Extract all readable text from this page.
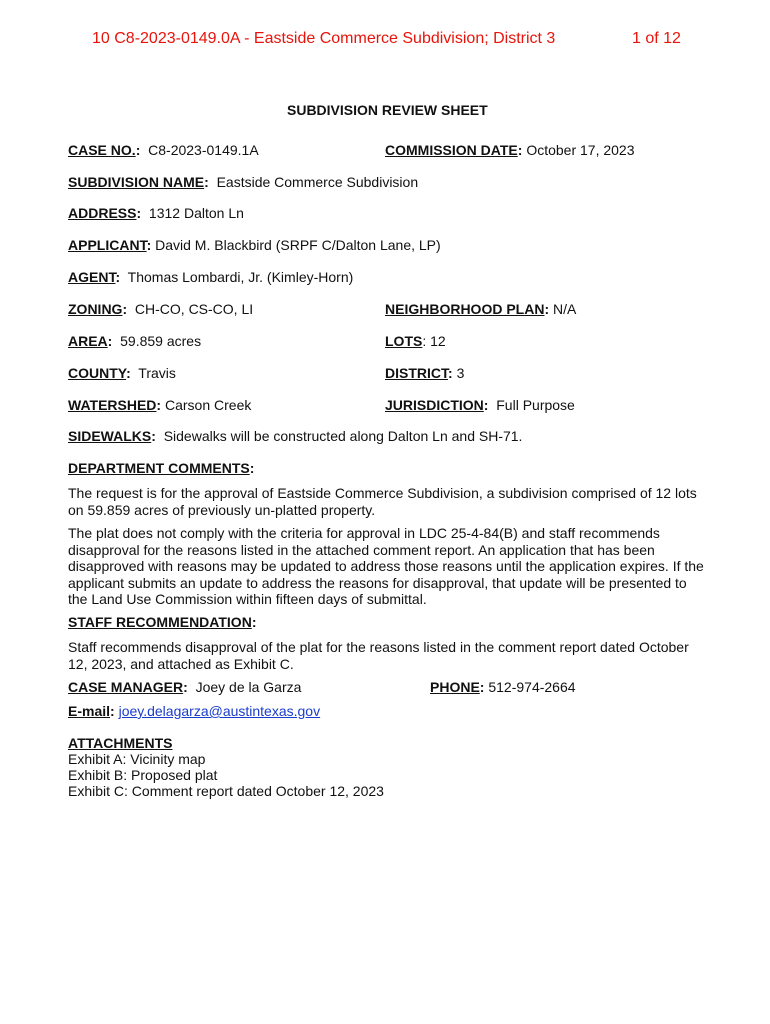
10 C8-2023-0149.0A - Eastside Commerce Subdivision; District 3	1 of 12
SUBDIVISION REVIEW SHEET
CASE NO.: C8-2023-0149.1A	COMMISSION DATE: October 17, 2023
SUBDIVISION NAME: Eastside Commerce Subdivision
ADDRESS: 1312 Dalton Ln
APPLICANT: David M. Blackbird (SRPF C/Dalton Lane, LP)
AGENT: Thomas Lombardi, Jr. (Kimley-Horn)
ZONING: CH-CO, CS-CO, LI	NEIGHBORHOOD PLAN: N/A
AREA: 59.859 acres	LOTS: 12
COUNTY: Travis	DISTRICT: 3
WATERSHED: Carson Creek	JURISDICTION: Full Purpose
SIDEWALKS: Sidewalks will be constructed along Dalton Ln and SH-71.
DEPARTMENT COMMENTS:
The request is for the approval of Eastside Commerce Subdivision, a subdivision comprised of 12 lots on 59.859 acres of previously un-platted property.
The plat does not comply with the criteria for approval in LDC 25-4-84(B) and staff recommends disapproval for the reasons listed in the attached comment report. An application that has been disapproved with reasons may be updated to address those reasons until the application expires. If the applicant submits an update to address the reasons for disapproval, that update will be presented to the Land Use Commission within fifteen days of submittal.
STAFF RECOMMENDATION:
Staff recommends disapproval of the plat for the reasons listed in the comment report dated October 12, 2023, and attached as Exhibit C.
CASE MANAGER: Joey de la Garza	PHONE: 512-974-2664
E-mail: joey.delagarza@austintexas.gov
ATTACHMENTS
Exhibit A: Vicinity map
Exhibit B: Proposed plat
Exhibit C: Comment report dated October 12, 2023
